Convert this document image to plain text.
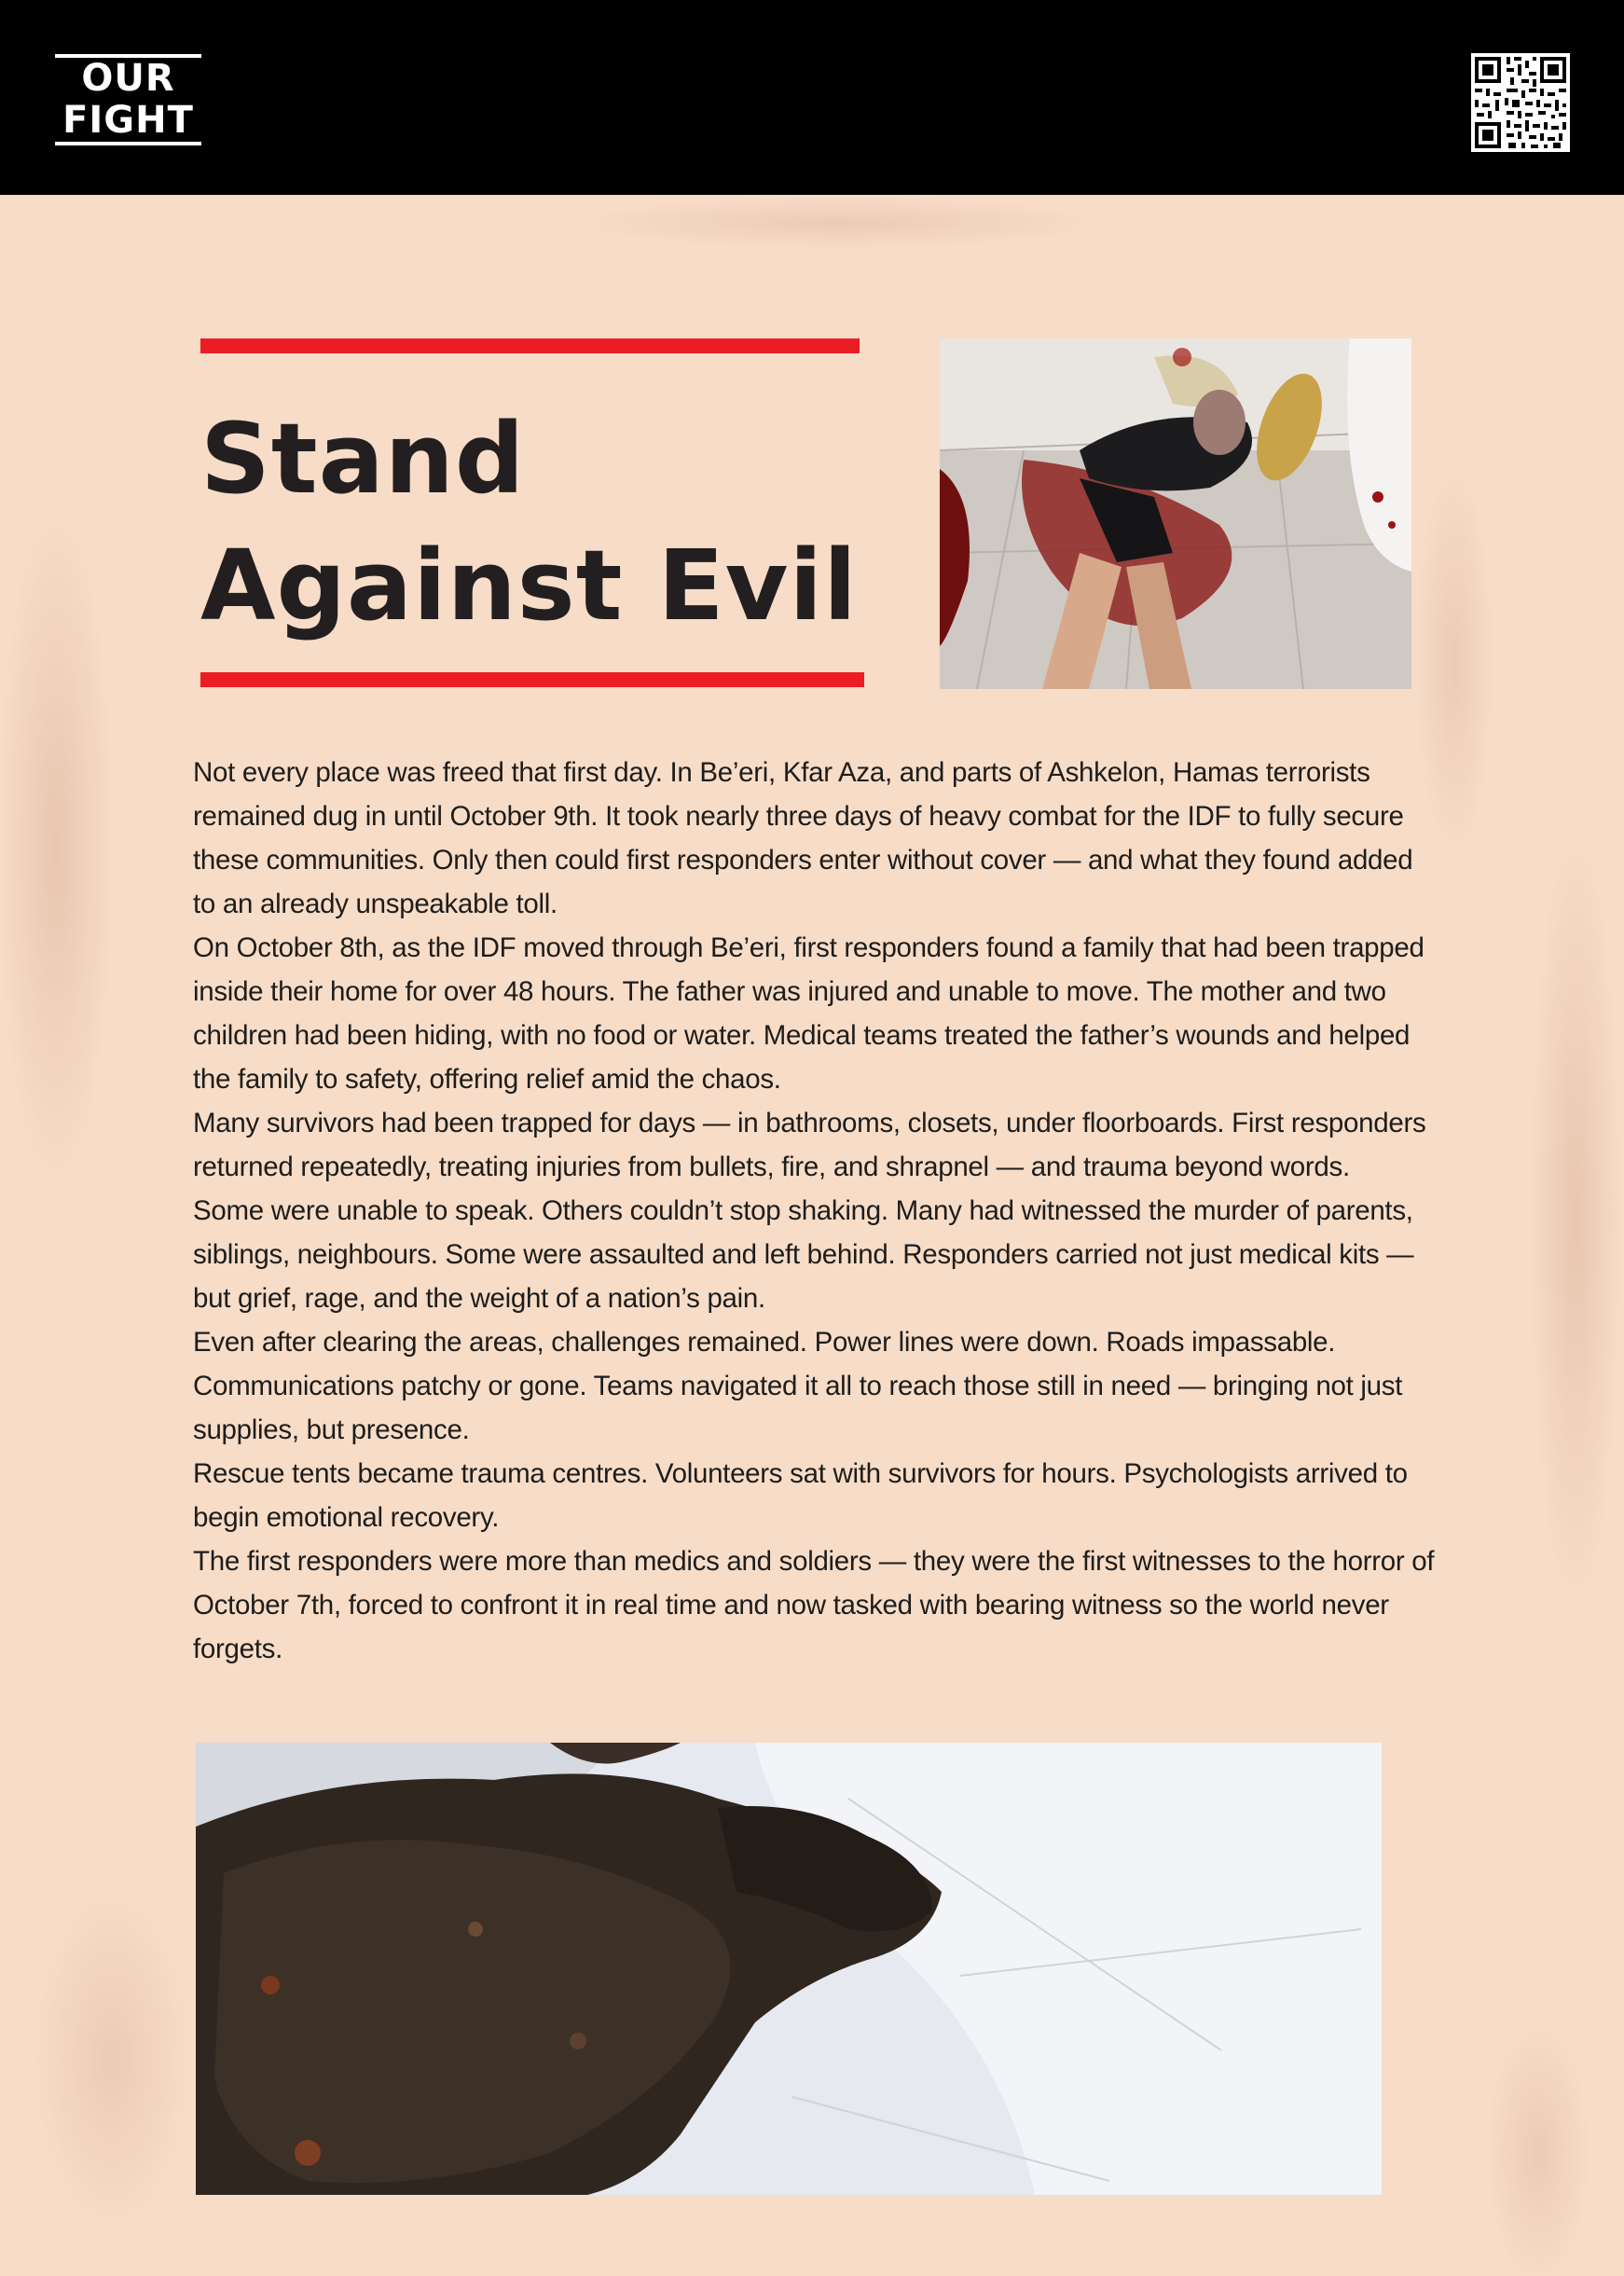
OUR
FIGHT
Stand
Against Evil

Not every place was freed that first day. In Be’eri, Kfar Aza, and parts of Ashkelon, Hamas terrorists remained dug in until October 9th. It took nearly three days of heavy combat for the IDF to fully secure these communities. Only then could first responders enter without cover — and what they found added to an already unspeakable toll.

On October 8th, as the IDF moved through Be’eri, first responders found a family that had been trapped inside their home for over 48 hours. The father was injured and unable to move. The mother and two children had been hiding, with no food or water. Medical teams treated the father’s wounds and helped the family to safety, offering relief amid the chaos.

Many survivors had been trapped for days — in bathrooms, closets, under floorboards. First responders returned repeatedly, treating injuries from bullets, fire, and shrapnel — and trauma beyond words.

Some were unable to speak. Others couldn’t stop shaking. Many had witnessed the murder of parents, siblings, neighbours. Some were assaulted and left behind. Responders carried not just medical kits — but grief, rage, and the weight of a nation’s pain.

Even after clearing the areas, challenges remained. Power lines were down. Roads impassable. Communications patchy or gone. Teams navigated it all to reach those still in need — bringing not just supplies, but presence.

Rescue tents became trauma centres. Volunteers sat with survivors for hours. Psychologists arrived to begin emotional recovery.

The first responders were more than medics and soldiers — they were the first witnesses to the horror of October 7th, forced to confront it in real time and now tasked with bearing witness so the world never forgets.
